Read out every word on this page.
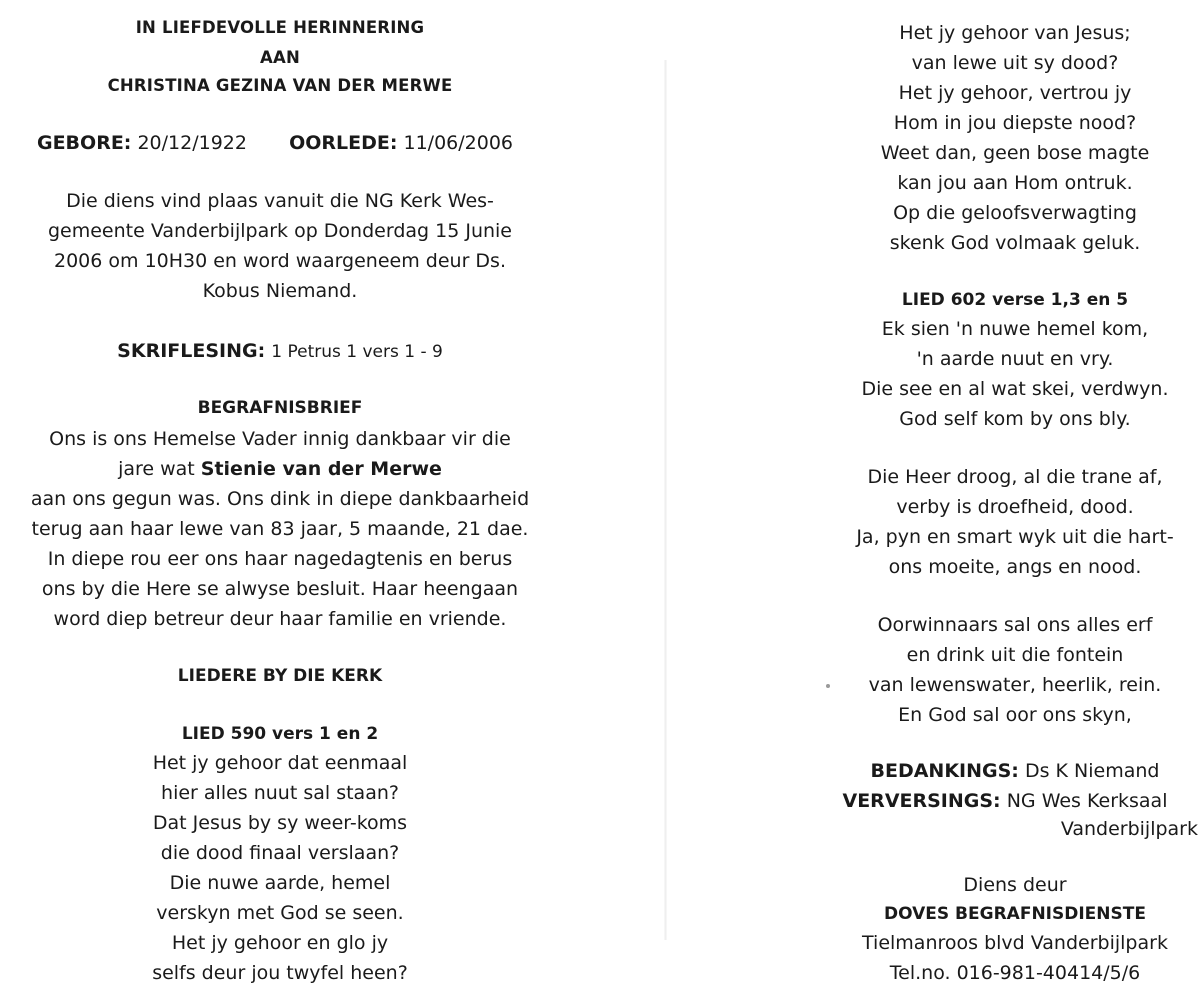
IN LIEFDEVOLLE HERINNERING
AAN
CHRISTINA GEZINA VAN DER MERWE
GEBORE: 20/12/1922 OORLEDE: 11/06/2006
Die diens vind plaas vanuit die NG Kerk Wes-
gemeente Vanderbijlpark op Donderdag 15 Junie
2006 om 10H30 en word waargeneem deur Ds.
Kobus Niemand.
SKRIFLESING: 1 Petrus 1 vers 1 - 9
BEGRAFNISBRIEF
Ons is ons Hemelse Vader innig dankbaar vir die
jare wat Stienie van der Merwe
aan ons gegun was. Ons dink in diepe dankbaarheid
terug aan haar lewe van 83 jaar, 5 maande, 21 dae.
In diepe rou eer ons haar nagedagtenis en berus
ons by die Here se alwyse besluit. Haar heengaan
word diep betreur deur haar familie en vriende.
LIEDERE BY DIE KERK
LIED 590 vers 1 en 2
Het jy gehoor dat eenmaal
hier alles nuut sal staan?
Dat Jesus by sy weer-koms
die dood finaal verslaan?
Die nuwe aarde, hemel
verskyn met God se seen.
Het jy gehoor en glo jy
selfs deur jou twyfel heen?
Het jy gehoor van Jesus;
van lewe uit sy dood?
Het jy gehoor, vertrou jy
Hom in jou diepste nood?
Weet dan, geen bose magte
kan jou aan Hom ontruk.
Op die geloofsverwagting
skenk God volmaak geluk.
LIED 602 verse 1,3 en 5
Ek sien 'n nuwe hemel kom,
'n aarde nuut en vry.
Die see en al wat skei, verdwyn.
God self kom by ons bly.
Die Heer droog, al die trane af,
verby is droefheid, dood.
Ja, pyn en smart wyk uit die hart-
ons moeite, angs en nood.
Oorwinnaars sal ons alles erf
en drink uit die fontein
van lewenswater, heerlik, rein.
En God sal oor ons skyn,
BEDANKINGS: Ds K Niemand
VERVERSINGS: NG Wes Kerksaal
Vanderbijlpark
Diens deur
DOVES BEGRAFNISDIENSTE
Tielmanroos blvd Vanderbijlpark
Tel.no. 016-981-40414/5/6
